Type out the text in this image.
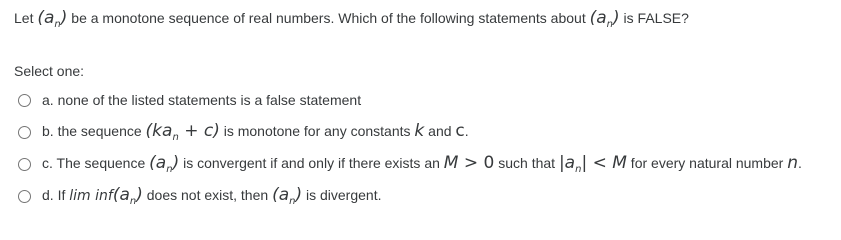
Let $(a_n)$ be a monotone sequence of real numbers. Which of the following statements about $(a_n)$ is FALSE?
Select one:
a. none of the listed statements is a false statement
b. the sequence $(ka_n + c)$ is monotone for any constants k and c.
c. The sequence $(a_n)$ is convergent if and only if there exists an M > 0 such that $|a_n| < M$ for every natural number n.
d. If $\lim inf(a_n)$ does not exist, then $(a_n)$ is divergent.
